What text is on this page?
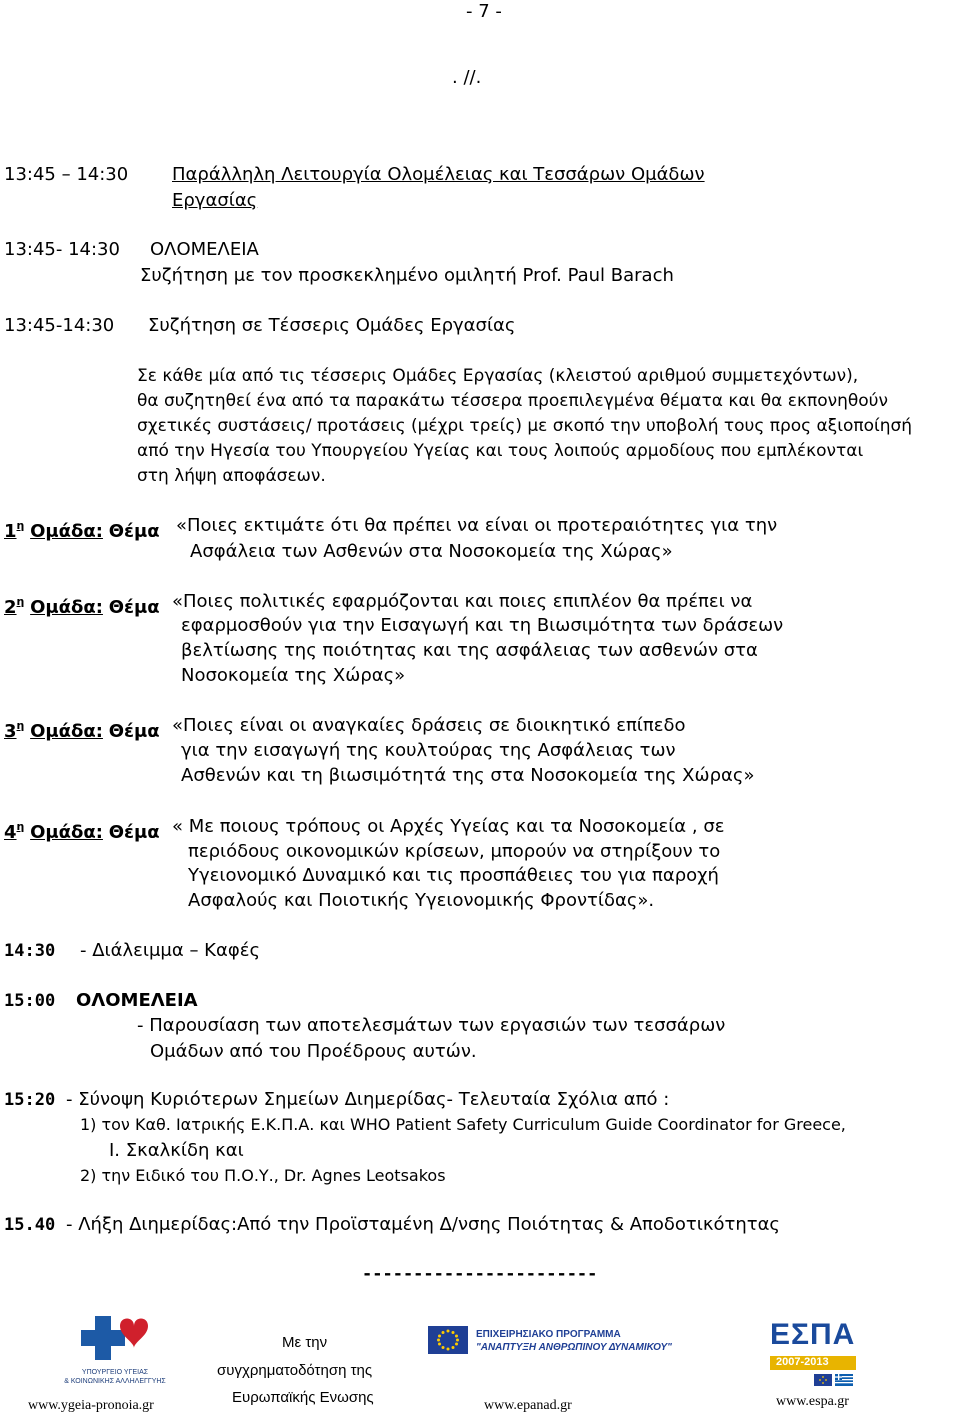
- 7 -
. //.
13:45 – 14:30 Παράλληλη Λειτουργία Ολομέλειας και Τεσσάρων Ομάδων
Εργασίας
13:45- 14:30 ΟΛΟΜΕΛΕΙΑ
Συζήτηση με τον προσκεκλημένο ομιλητή Prof. Paul Barach
13:45-14:30 Συζήτηση σε Τέσσερις Ομάδες Εργασίας
Σε κάθε μία από τις τέσσερις Ομάδες Εργασίας (κλειστού αριθμού συμμετεχόντων),
θα συζητηθεί ένα από τα παρακάτω τέσσερα προεπιλεγμένα θέματα και θα εκπονηθούν
σχετικές συστάσεις/ προτάσεις (μέχρι τρείς) με σκοπό την υποβολή τους προς αξιοποίησή
από την Ηγεσία του Υπουργείου Υγείας και τους λοιπούς αρμοδίους που εμπλέκονται
στη λήψη αποφάσεων.
$1^\eta$ Ομάδα: Θέμα «Ποιες εκτιμάτε ότι θα πρέπει να είναι οι προτεραιότητες για την
Ασφάλεια των Ασθενών στα Νοσοκομεία της Χώρας»
$2^\eta$ Ομάδα: Θέμα «Ποιες πολιτικές εφαρμόζονται και ποιες επιπλέον θα πρέπει να
εφαρμοσθούν για την Εισαγωγή και τη Βιωσιμότητα των δράσεων
βελτίωσης της ποιότητας και της ασφάλειας των ασθενών στα
Νοσοκομεία της Χώρας»
$3^\eta$ Ομάδα: Θέμα «Ποιες είναι οι αναγκαίες δράσεις σε διοικητικό επίπεδο
για την εισαγωγή της κουλτούρας της Ασφάλειας των
Ασθενών και τη βιωσιμότητά της στα Νοσοκομεία της Χώρας»
$4^\eta$ Ομάδα: Θέμα « Με ποιους τρόπους οι Αρχές Υγείας και τα Νοσοκομεία , σε
περιόδους οικονομικών κρίσεων, μπορούν να στηρίξουν το
Υγειονομικό Δυναμικό και τις προσπάθειες του για παροχή
Ασφαλούς και Ποιοτικής Υγειονομικής Φροντίδας».
14:30 - Διάλειμμα – Καφές
15:00 ΟΛΟΜΕΛΕΙΑ
- Παρουσίαση των αποτελεσμάτων των εργασιών των τεσσάρων
Ομάδων από του Προέδρους αυτών.
15:20 - Σύνοψη Κυριότερων Σημείων Διημερίδας- Τελευταία Σχόλια από :
1) τον Καθ. Ιατρικής Ε.Κ.Π.Α. και WHO Patient Safety Curriculum Guide Coordinator for Greece,
Ι. Σκαλκίδη και
2) την Ειδικό του Π.Ο.Υ., Dr. Agnes Leotsakos
15.40 - Λήξη Διημερίδας:Από την Προϊσταμένη Δ/νσης Ποιότητας & Αποδοτικότητας
-----------------------
ΥΠΟΥΡΓΕΙΟ ΥΓΕΙΑΣ
& ΚΟΙΝΩΝΙΚΗΣ ΑΛΛΗΛΕΓΓΥΗΣ
www.ygeia-pronoia.gr
Με την
συγχρηματοδότηση της
Ευρωπαϊκής Ενωσης
ΕΠΙΧΕΙΡΗΣΙΑΚΟ ΠΡΟΓΡΑΜΜΑ
"ΑΝΑΠΤΥΞΗ ΑΝΘΡΩΠΙΝΟΥ ΔΥΝΑΜΙΚΟΥ"
www.epanad.gr
ΕΣΠΑ
2007-2013
www.espa.gr
